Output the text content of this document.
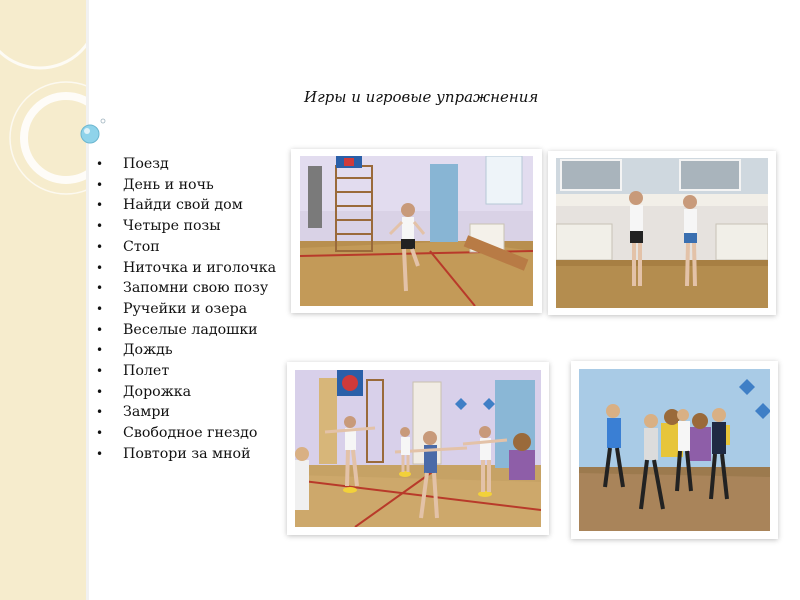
Игры и игровые упражнения
• Поезд
• День и ночь
• Найди свой дом
• Четыре позы
• Стоп
• Ниточка и иголочка
• Запомни свою позу
• Ручейки и озера
• Веселые ладошки
• Дождь
• Полет
• Дорожка
• Замри
• Свободное гнездо
• Повтори за мной
